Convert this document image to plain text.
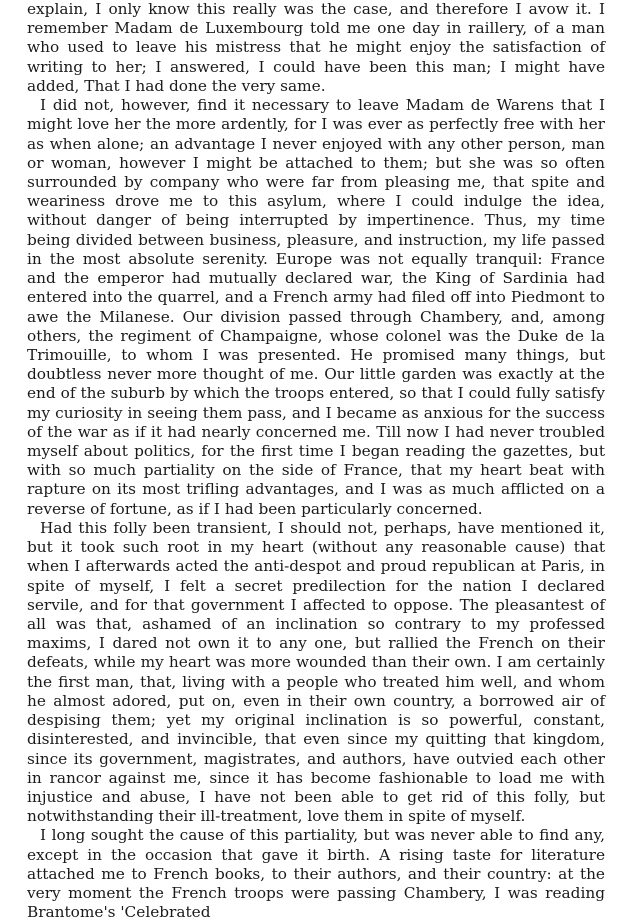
explain, I only know this really was the case, and therefore I avow it. I remember Madam de Luxembourg told me one day in raillery, of a man who used to leave his mistress that he might enjoy the satisfaction of writing to her; I answered, I could have been this man; I might have added, That I had done the very same.

I did not, however, find it necessary to leave Madam de Warens that I might love her the more ardently, for I was ever as perfectly free with her as when alone; an advantage I never enjoyed with any other person, man or woman, however I might be attached to them; but she was so often surrounded by company who were far from pleasing me, that spite and weariness drove me to this asylum, where I could indulge the idea, without danger of being interrupted by impertinence. Thus, my time being divided between business, pleasure, and instruction, my life passed in the most absolute serenity. Europe was not equally tranquil: France and the emperor had mutually declared war, the King of Sardinia had entered into the quarrel, and a French army had filed off into Piedmont to awe the Milanese. Our division passed through Chambery, and, among others, the regiment of Champaigne, whose colonel was the Duke de la Trimouille, to whom I was presented. He promised many things, but doubtless never more thought of me. Our little garden was exactly at the end of the suburb by which the troops entered, so that I could fully satisfy my curiosity in seeing them pass, and I became as anxious for the success of the war as if it had nearly concerned me. Till now I had never troubled myself about politics, for the first time I began reading the gazettes, but with so much partiality on the side of France, that my heart beat with rapture on its most trifling advantages, and I was as much afflicted on a reverse of fortune, as if I had been particularly concerned.

Had this folly been transient, I should not, perhaps, have mentioned it, but it took such root in my heart (without any reasonable cause) that when I afterwards acted the anti-despot and proud republican at Paris, in spite of myself, I felt a secret predilection for the nation I declared servile, and for that government I affected to oppose. The pleasantest of all was that, ashamed of an inclination so contrary to my professed maxims, I dared not own it to any one, but rallied the French on their defeats, while my heart was more wounded than their own. I am certainly the first man, that, living with a people who treated him well, and whom he almost adored, put on, even in their own country, a borrowed air of despising them; yet my original inclination is so powerful, constant, disinterested, and invincible, that even since my quitting that kingdom, since its government, magistrates, and authors, have outvied each other in rancor against me, since it has become fashionable to load me with injustice and abuse, I have not been able to get rid of this folly, but notwithstanding their ill-treatment, love them in spite of myself.

I long sought the cause of this partiality, but was never able to find any, except in the occasion that gave it birth. A rising taste for literature attached me to French books, to their authors, and their country: at the very moment the French troops were passing Chambery, I was reading Brantome's 'Celebrated
